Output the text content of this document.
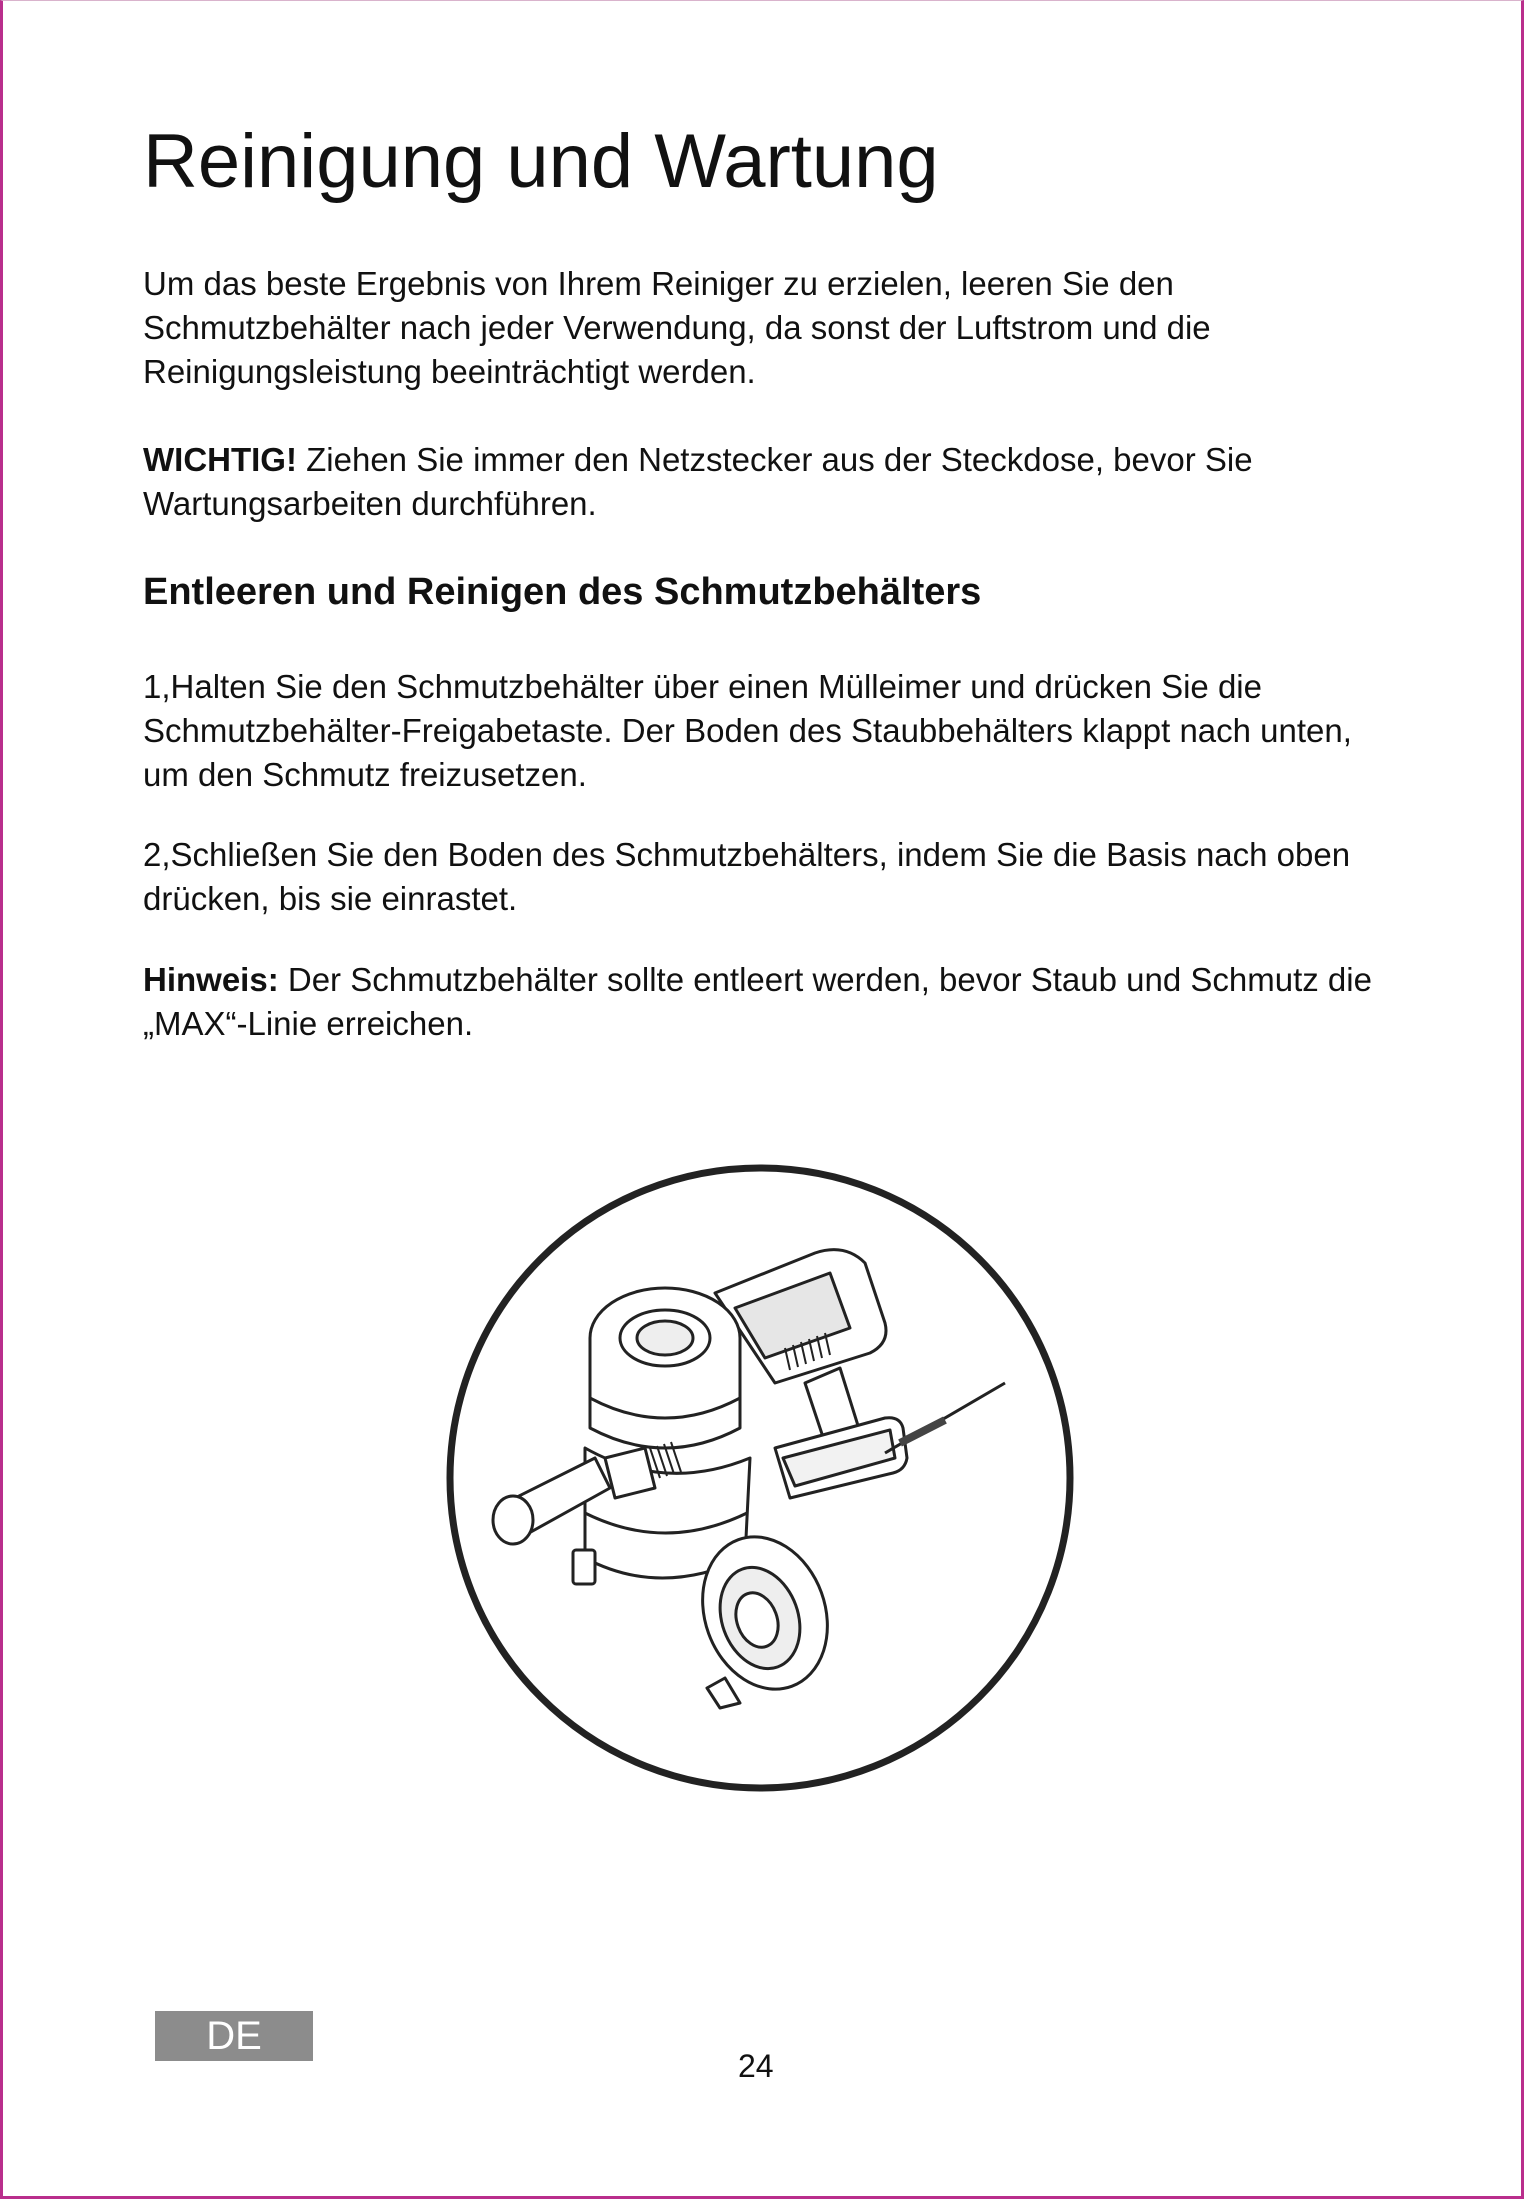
Reinigung und Wartung

Um das beste Ergebnis von Ihrem Reiniger zu erzielen, leeren Sie den Schmutzbehälter nach jeder Verwendung, da sonst der Luftstrom und die Reinigungsleistung beeinträchtigt werden.

WICHTIG! Ziehen Sie immer den Netzstecker aus der Steckdose, bevor Sie Wartungsarbeiten durchführen.

Entleeren und Reinigen des Schmutzbehälters

1,Halten Sie den Schmutzbehälter über einen Mülleimer und drücken Sie die Schmutzbehälter-Freigabetaste. Der Boden des Staubbehälters klappt nach unten, um den Schmutz freizusetzen.

2,Schließen Sie den Boden des Schmutzbehälters, indem Sie die Basis nach oben drücken, bis sie einrastet.

Hinweis: Der Schmutzbehälter sollte entleert werden, bevor Staub und Schmutz die „MAX“-Linie erreichen.

DE
24
